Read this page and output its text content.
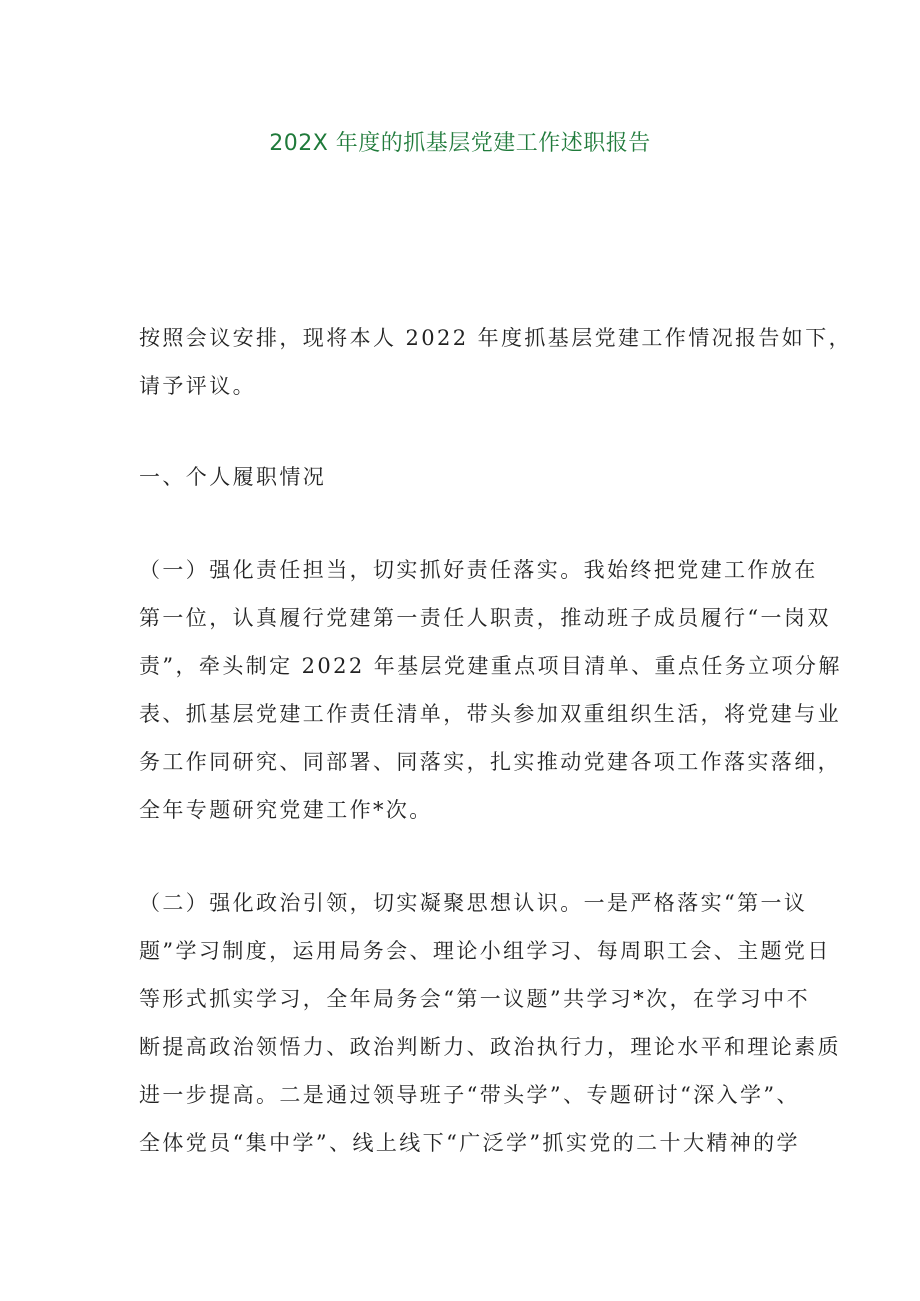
202X 年度的抓基层党建工作述职报告

按照会议安排，现将本人 2022 年度抓基层党建工作情况报告如下，
请予评议。

一、个人履职情况

（一）强化责任担当，切实抓好责任落实。我始终把党建工作放在
第一位，认真履行党建第一责任人职责，推动班子成员履行“一岗双
责”，牵头制定 2022 年基层党建重点项目清单、重点任务立项分解
表、抓基层党建工作责任清单，带头参加双重组织生活，将党建与业
务工作同研究、同部署、同落实，扎实推动党建各项工作落实落细，
全年专题研究党建工作*次。

（二）强化政治引领，切实凝聚思想认识。一是严格落实“第一议
题”学习制度，运用局务会、理论小组学习、每周职工会、主题党日
等形式抓实学习，全年局务会“第一议题”共学习*次，在学习中不
断提高政治领悟力、政治判断力、政治执行力，理论水平和理论素质
进一步提高。二是通过领导班子“带头学”、专题研讨“深入学”、
全体党员“集中学”、线上线下“广泛学”抓实党的二十大精神的学
